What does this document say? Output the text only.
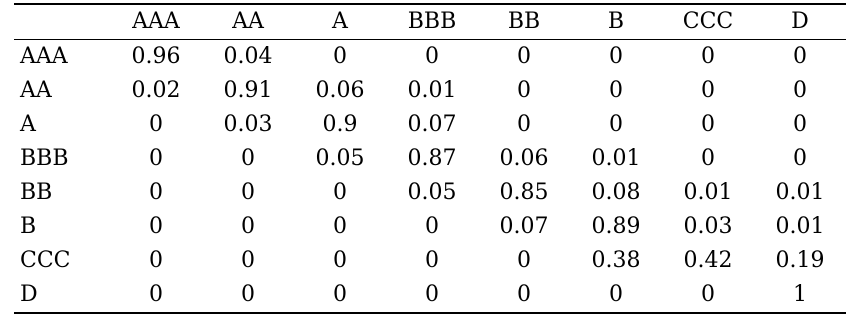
	AAA	AA	A	BBB	BB	B	CCC	D
AAA	0.96	0.04	0	0	0	0	0	0
AA	0.02	0.91	0.06	0.01	0	0	0	0
A	0	0.03	0.9	0.07	0	0	0	0
BBB	0	0	0.05	0.87	0.06	0.01	0	0
BB	0	0	0	0.05	0.85	0.08	0.01	0.01
B	0	0	0	0	0.07	0.89	0.03	0.01
CCC	0	0	0	0	0	0.38	0.42	0.19
D	0	0	0	0	0	0	0	1
